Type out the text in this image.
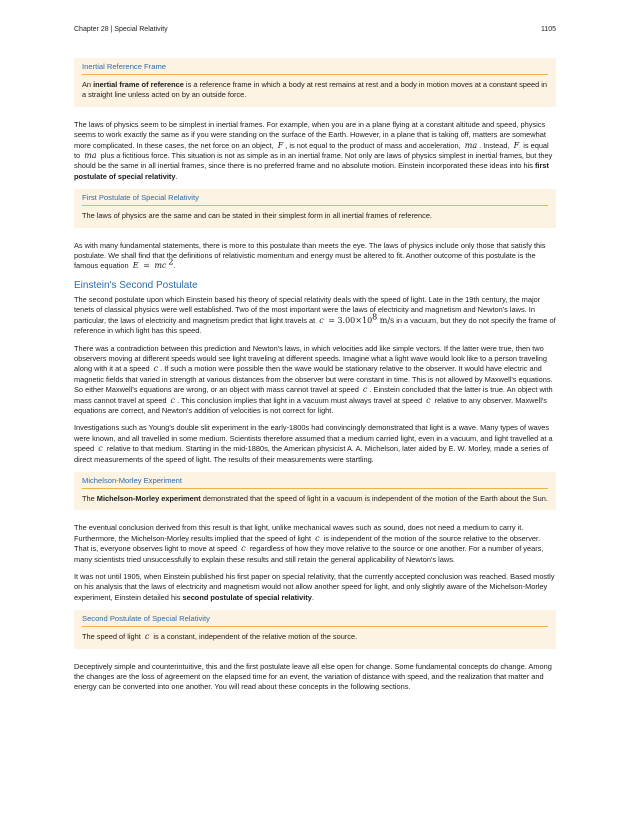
Chapter 28 | Special Relativity	1105
Inertial Reference Frame
An inertial frame of reference is a reference frame in which a body at rest remains at rest and a body in motion moves at a constant speed in a straight line unless acted on by an outside force.

The laws of physics seem to be simplest in inertial frames. For example, when you are in a plane flying at a constant altitude and speed, physics seems to work exactly the same as if you were standing on the surface of the Earth. However, in a plane that is taking off, matters are somewhat more complicated. In these cases, the net force on an object, F , is not equal to the product of mass and acceleration, ma . Instead, F is equal to ma plus a fictitious force. This situation is not as simple as in an inertial frame. Not only are laws of physics simplest in inertial frames, but they should be the same in all inertial frames, since there is no preferred frame and no absolute motion. Einstein incorporated these ideas into his first postulate of special relativity.

First Postulate of Special Relativity
The laws of physics are the same and can be stated in their simplest form in all inertial frames of reference.

As with many fundamental statements, there is more to this postulate than meets the eye. The laws of physics include only those that satisfy this postulate. We shall find that the definitions of relativistic momentum and energy must be altered to fit. Another outcome of this postulate is the famous equation E = mc $^2$.

Einstein's Second Postulate

The second postulate upon which Einstein based his theory of special relativity deals with the speed of light. Late in the 19th century, the major tenets of classical physics were well established. Two of the most important were the laws of electricity and magnetism and Newton's laws. In particular, the laws of electricity and magnetism predict that light travels at $c = 3.00\times 10^8$ m/s in a vacuum, but they do not specify the frame of reference in which light has this speed.

There was a contradiction between this prediction and Newton's laws, in which velocities add like simple vectors. If the latter were true, then two observers moving at different speeds would see light traveling at different speeds. Imagine what a light wave would look like to a person traveling along with it at a speed c . If such a motion were possible then the wave would be stationary relative to the observer. It would have electric and magnetic fields that varied in strength at various distances from the observer but were constant in time. This is not allowed by Maxwell's equations. So either Maxwell's equations are wrong, or an object with mass cannot travel at speed c . Einstein concluded that the latter is true. An object with mass cannot travel at speed c . This conclusion implies that light in a vacuum must always travel at speed c relative to any observer. Maxwell's equations are correct, and Newton's addition of velocities is not correct for light.

Investigations such as Young's double slit experiment in the early-1800s had convincingly demonstrated that light is a wave. Many types of waves were known, and all travelled in some medium. Scientists therefore assumed that a medium carried light, even in a vacuum, and light travelled at a speed c relative to that medium. Starting in the mid-1880s, the American physicist A. A. Michelson, later aided by E. W. Morley, made a series of direct measurements of the speed of light. The results of their measurements were startling.

Michelson-Morley Experiment
The Michelson-Morley experiment demonstrated that the speed of light in a vacuum is independent of the motion of the Earth about the Sun.

The eventual conclusion derived from this result is that light, unlike mechanical waves such as sound, does not need a medium to carry it. Furthermore, the Michelson-Morley results implied that the speed of light c is independent of the motion of the source relative to the observer. That is, everyone observes light to move at speed c regardless of how they move relative to the source or one another. For a number of years, many scientists tried unsuccessfully to explain these results and still retain the general applicability of Newton's laws.

It was not until 1905, when Einstein published his first paper on special relativity, that the currently accepted conclusion was reached. Based mostly on his analysis that the laws of electricity and magnetism would not allow another speed for light, and only slightly aware of the Michelson-Morley experiment, Einstein detailed his second postulate of special relativity.

Second Postulate of Special Relativity
The speed of light c is a constant, independent of the relative motion of the source.

Deceptively simple and counterintuitive, this and the first postulate leave all else open for change. Some fundamental concepts do change. Among the changes are the loss of agreement on the elapsed time for an event, the variation of distance with speed, and the realization that matter and energy can be converted into one another. You will read about these concepts in the following sections.
